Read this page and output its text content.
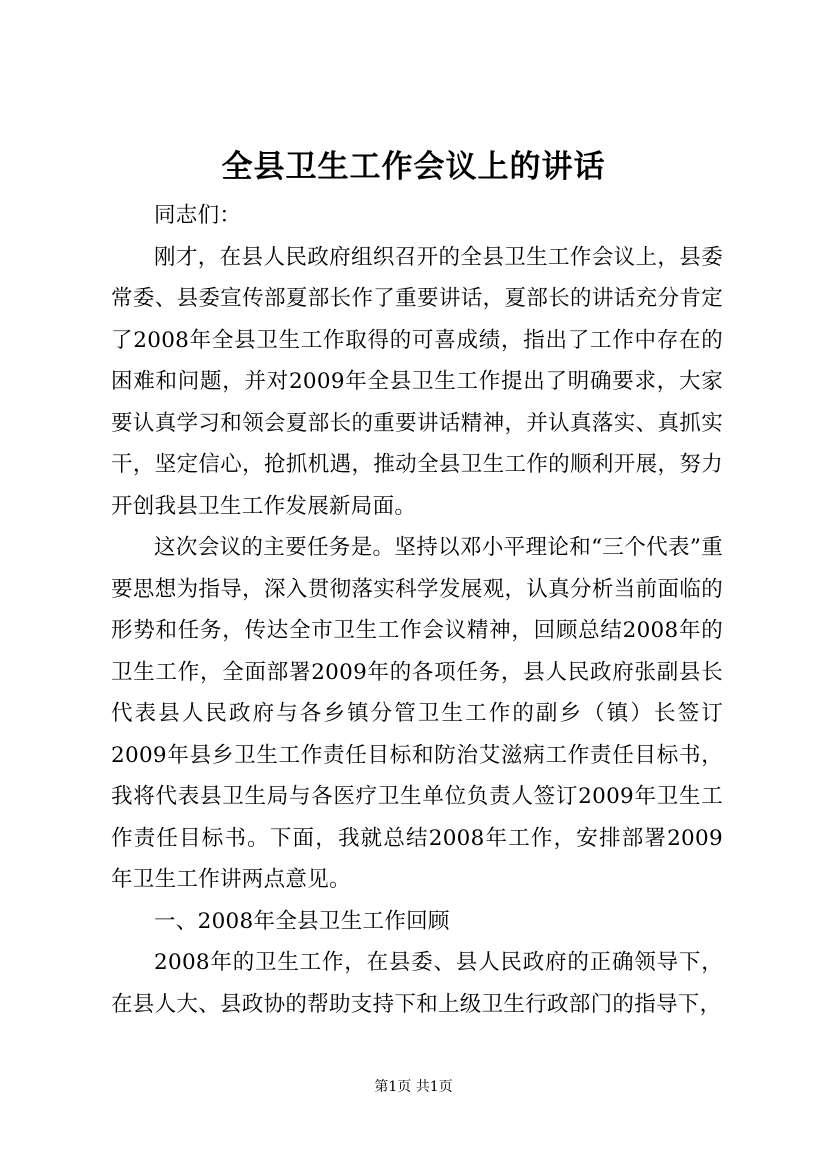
全县卫生工作会议上的讲话

同志们：

刚才，在县人民政府组织召开的全县卫生工作会议上，县委常委、县委宣传部夏部长作了重要讲话，夏部长的讲话充分肯定了2008年全县卫生工作取得的可喜成绩，指出了工作中存在的困难和问题，并对2009年全县卫生工作提出了明确要求，大家要认真学习和领会夏部长的重要讲话精神，并认真落实、真抓实干，坚定信心，抢抓机遇，推动全县卫生工作的顺利开展，努力开创我县卫生工作发展新局面。

这次会议的主要任务是。坚持以邓小平理论和“三个代表”重要思想为指导，深入贯彻落实科学发展观，认真分析当前面临的形势和任务，传达全市卫生工作会议精神，回顾总结2008年的卫生工作，全面部署2009年的各项任务，县人民政府张副县长代表县人民政府与各乡镇分管卫生工作的副乡（镇）长签订2009年县乡卫生工作责任目标和防治艾滋病工作责任目标书，我将代表县卫生局与各医疗卫生单位负责人签订2009年卫生工作责任目标书。下面，我就总结2008年工作，安排部署2009年卫生工作讲两点意见。

一、2008年全县卫生工作回顾

2008年的卫生工作，在县委、县人民政府的正确领导下，在县人大、县政协的帮助支持下和上级卫生行政部门的指导下，

第1页 共1页
